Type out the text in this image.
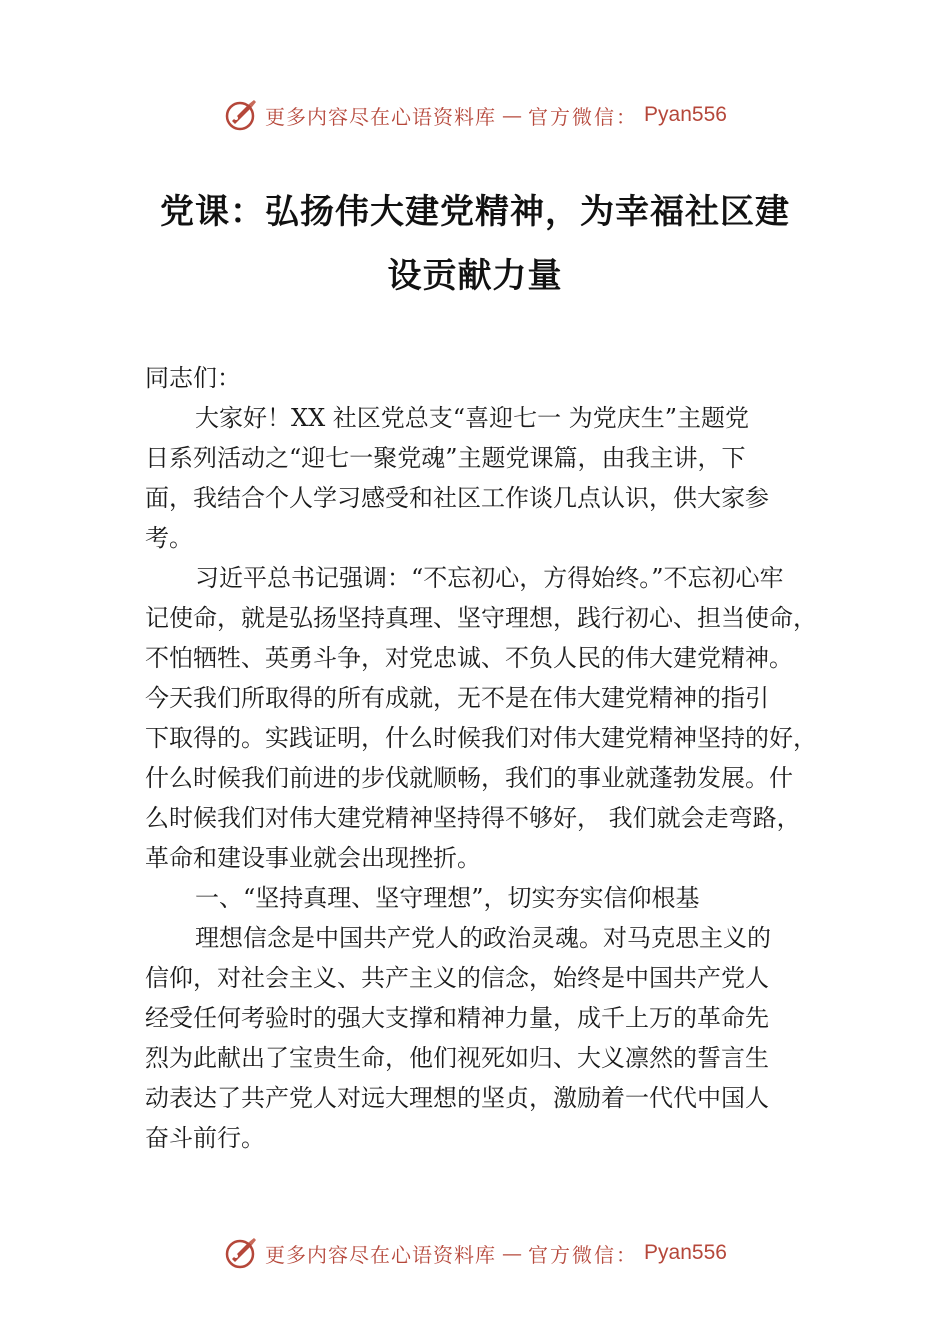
更多内容尽在心语资料库 — 官方微信： Pyan556
党课：弘扬伟大建党精神，为幸福社区建
设贡献力量

同志们：

大家好！XX 社区党总支“喜迎七一 为党庆生”主题党
日系列活动之“迎七一聚党魂”主题党课篇，由我主讲，下
面，我结合个人学习感受和社区工作谈几点认识，供大家参
考。

习近平总书记强调：“不忘初心，方得始终。”不忘初心牢
记使命，就是弘扬坚持真理、坚守理想，践行初心、担当使命，
不怕牺牲、英勇斗争，对党忠诚、不负人民的伟大建党精神。
今天我们所取得的所有成就，无不是在伟大建党精神的指引
下取得的。实践证明，什么时候我们对伟大建党精神坚持的好，
什么时候我们前进的步伐就顺畅，我们的事业就蓬勃发展。什
么时候我们对伟大建党精神坚持得不够好， 我们就会走弯路，
革命和建设事业就会出现挫折。

一、“坚持真理、坚守理想”，切实夯实信仰根基

理想信念是中国共产党人的政治灵魂。对马克思主义的
信仰，对社会主义、共产主义的信念，始终是中国共产党人
经受任何考验时的强大支撑和精神力量，成千上万的革命先
烈为此献出了宝贵生命，他们视死如归、大义凛然的誓言生
动表达了共产党人对远大理想的坚贞，激励着一代代中国人
奋斗前行。

更多内容尽在心语资料库 — 官方微信： Pyan556
